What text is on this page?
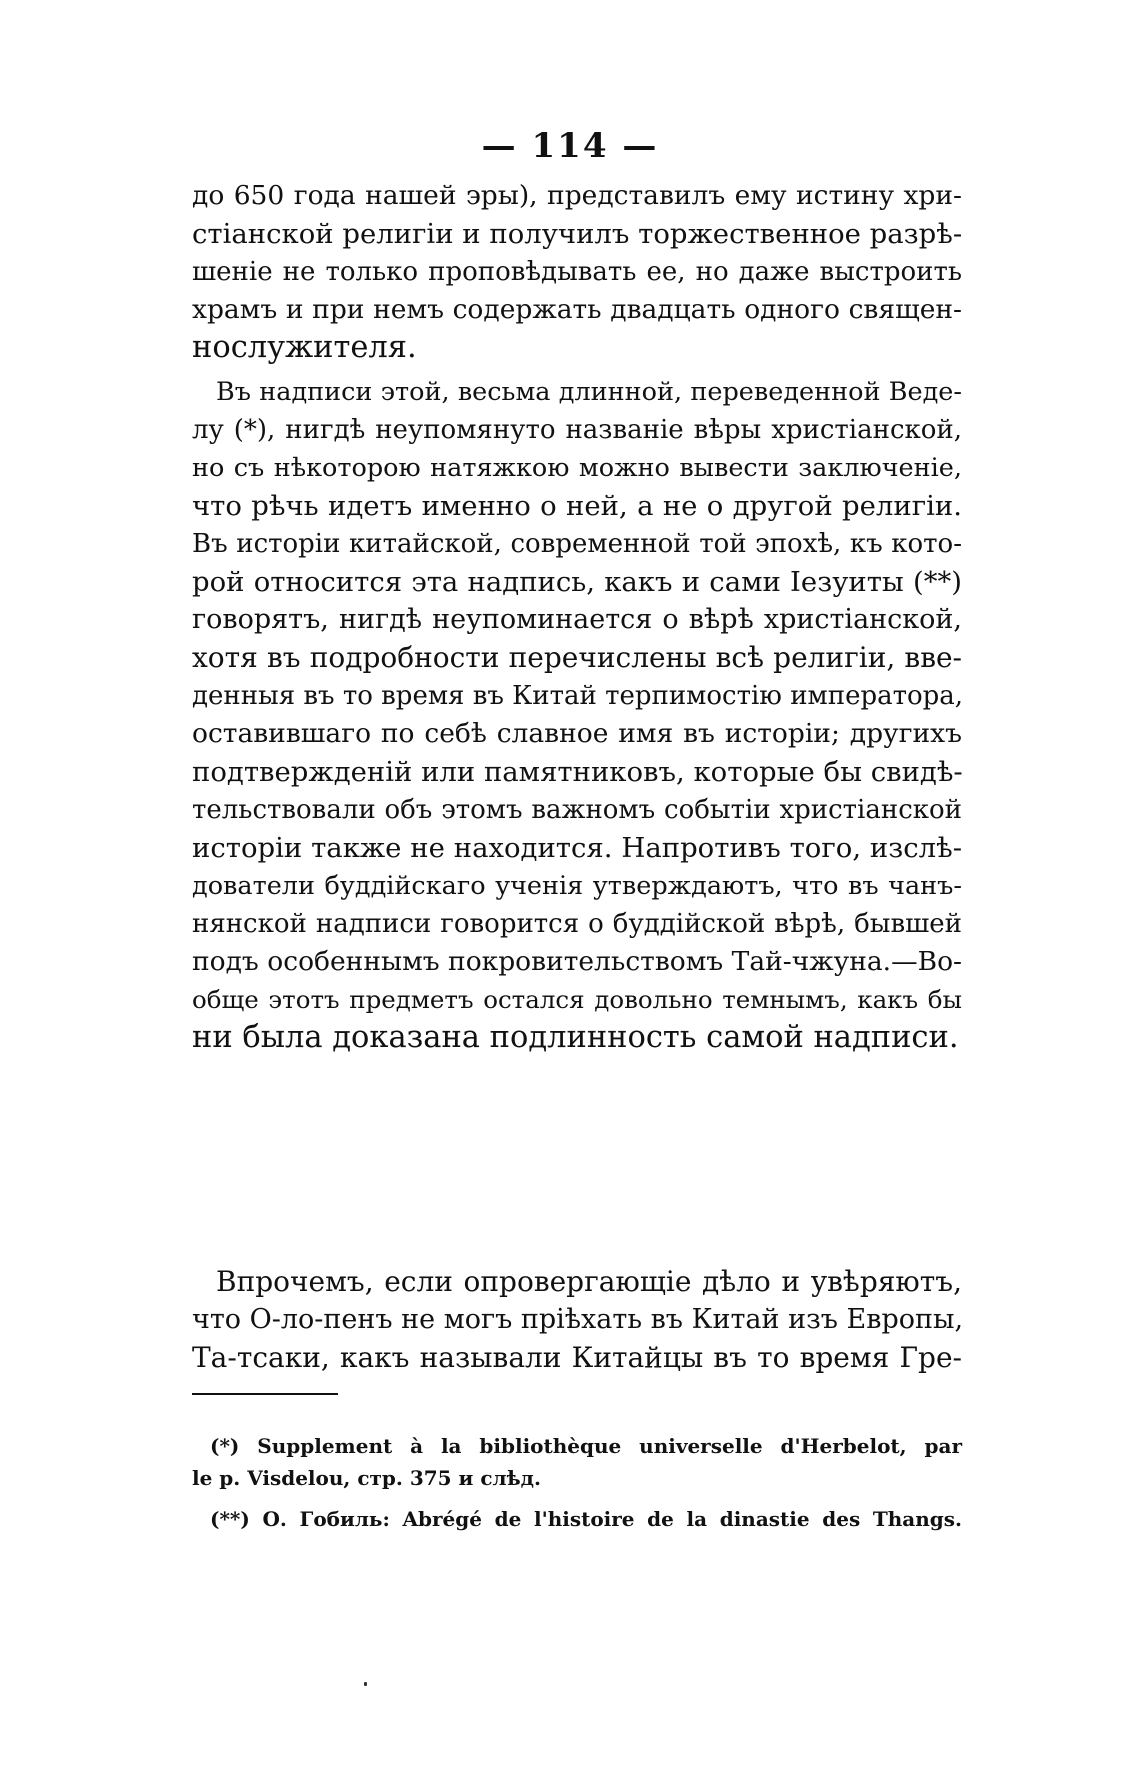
— 114 —
до 650 года нашей эры), представилъ ему истину хри-
стіанской религіи и получилъ торжественное разрѣ-
шеніе не только проповѣдывать ее, но даже выстроить
храмъ и при немъ содержать двадцать одного священ-
нослужителя.
Въ надписи этой, весьма длинной, переведенной Веде-
лу (*), нигдѣ неупомянуто названіе вѣры христіанской,
но съ нѣкоторою натяжкою можно вывести заключеніе,
что рѣчь идетъ именно о ней, а не о другой религіи.
Въ исторіи китайской, современной той эпохѣ, къ кото-
рой относится эта надпись, какъ и сами Іезуиты (**)
говорятъ, нигдѣ неупоминается о вѣрѣ христіанской,
хотя въ подробности перечислены всѣ религіи, вве-
денныя въ то время въ Китай терпимостію императора,
оставившаго по себѣ славное имя въ исторіи; другихъ
подтвержденій или памятниковъ, которые бы свидѣ-
тельствовали объ этомъ важномъ событіи христіанской
исторіи также не находится. Напротивъ того, изслѣ-
дователи буддійскаго ученія утверждаютъ, что въ чанъ-
нянской надписи говорится о буддійской вѣрѣ, бывшей
подъ особеннымъ покровительствомъ Тай-чжуна.—Во-
обще этотъ предметъ остался довольно темнымъ, какъ бы
ни была доказана подлинность самой надписи.
Впрочемъ, если опровергающіе дѣло и увѣряютъ,
что О-ло-пенъ не могъ пріѣхать въ Китай изъ Европы,
Та-тсаки, какъ называли Китайцы въ то время Гре-
(*) Supplement à la bibliothèque universelle d'Herbelot, par
le p. Visdelou, стр. 375 и слѣд.
(**) О. Гобиль: Abrégé de l'histoire de la dinastie des Thangs.
